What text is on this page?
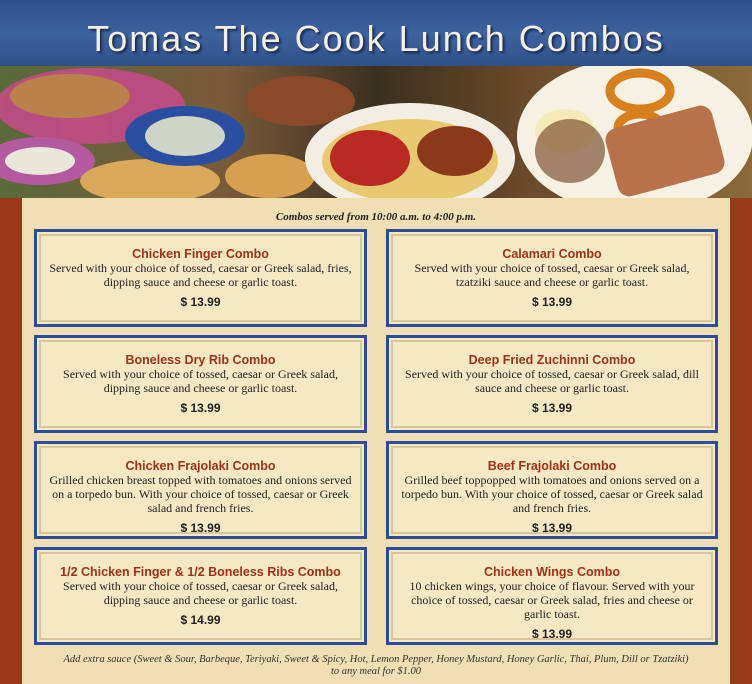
Tomas The Cook Lunch Combos
Combos served from 10:00 a.m. to 4:00 p.m.
Chicken Finger Combo
Served with your choice of tossed, caesar or Greek salad, fries, dipping sauce and cheese or garlic toast.
$ 13.99
Calamari Combo
Served with your choice of tossed, caesar or Greek salad, tzatziki sauce and cheese or garlic toast.
$ 13.99
Boneless Dry Rib Combo
Served with your choice of tossed, caesar or Greek salad, dipping sauce and cheese or garlic toast.
$ 13.99
Deep Fried Zuchinni Combo
Served with your choice of tossed, caesar or Greek salad, dill sauce and cheese or garlic toast.
$ 13.99
Chicken Frajolaki Combo
Grilled chicken breast topped with tomatoes and onions served on a torpedo bun. With your choice of tossed, caesar or Greek salad and french fries.
$ 13.99
Beef Frajolaki Combo
Grilled beef toppopped with tomatoes and onions served on a torpedo bun. With your choice of tossed, caesar or Greek salad and french fries.
$ 13.99
1/2 Chicken Finger & 1/2 Boneless Ribs Combo
Served with your choice of tossed, caesar or Greek salad, dipping sauce and cheese or garlic toast.
$ 14.99
Chicken Wings Combo
10 chicken wings, your choice of flavour. Served with your choice of tossed, caesar or Greek salad, fries and cheese or garlic toast.
$ 13.99
Add extra sauce (Sweet & Sour, Barbeque, Teriyaki, Sweet & Spicy, Hot, Lemon Pepper, Honey Mustard, Honey Garlic, Thai, Plum, Dill or Tzatziki) to any meal for $1.00
